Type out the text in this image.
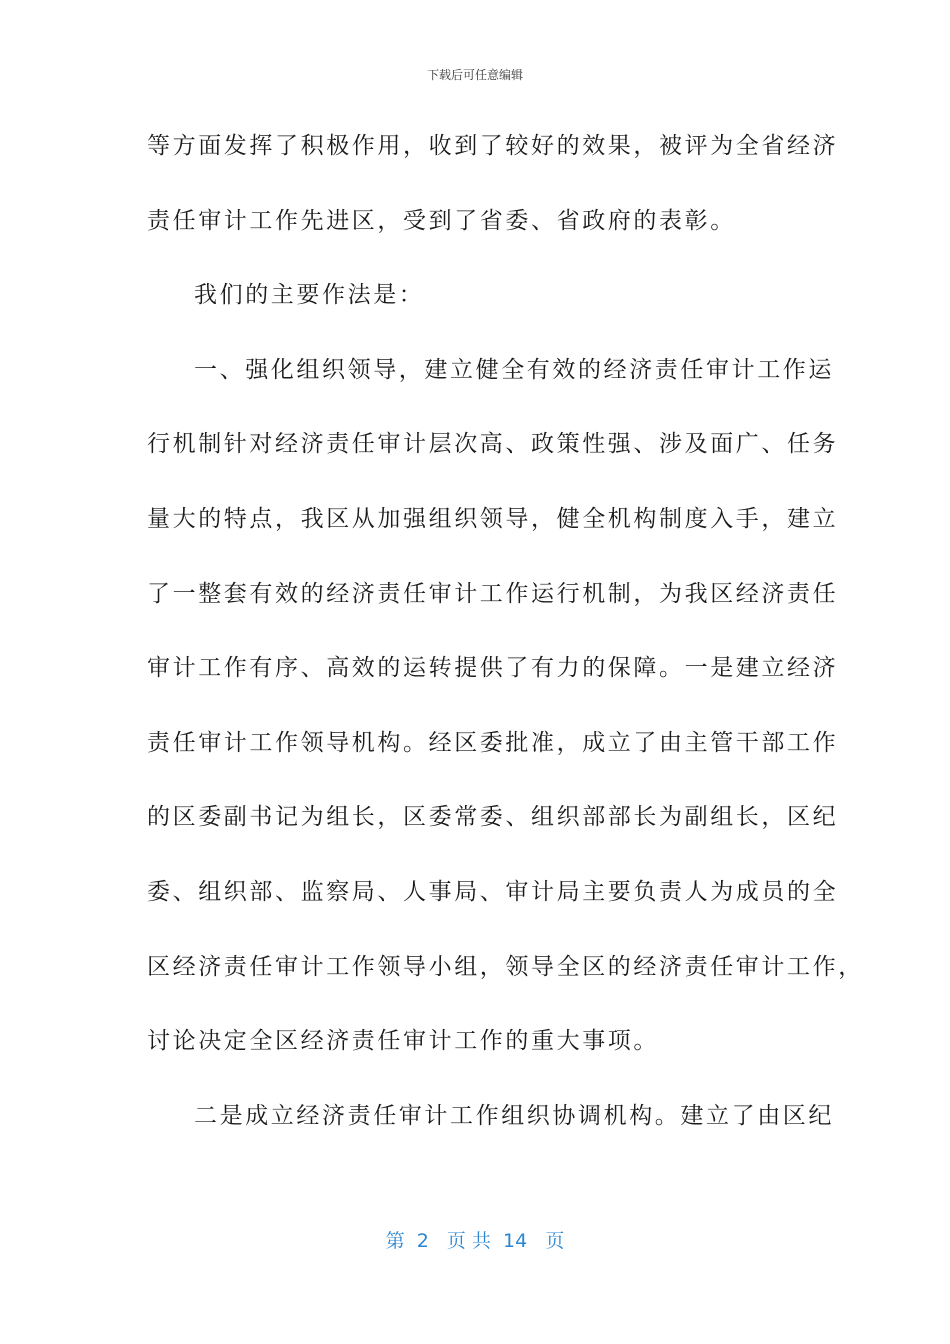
下载后可任意编辑
等方面发挥了积极作用，收到了较好的效果，被评为全省经济
责任审计工作先进区，受到了省委、省政府的表彰。
我们的主要作法是：
一、强化组织领导，建立健全有效的经济责任审计工作运
行机制针对经济责任审计层次高、政策性强、涉及面广、任务
量大的特点，我区从加强组织领导，健全机构制度入手，建立
了一整套有效的经济责任审计工作运行机制，为我区经济责任
审计工作有序、高效的运转提供了有力的保障。一是建立经济
责任审计工作领导机构。经区委批准，成立了由主管干部工作
的区委副书记为组长，区委常委、组织部部长为副组长，区纪
委、组织部、监察局、人事局、审计局主要负责人为成员的全
区经济责任审计工作领导小组，领导全区的经济责任审计工作，
讨论决定全区经济责任审计工作的重大事项。
二是成立经济责任审计工作组织协调机构。建立了由区纪
第  2   页 共  14   页
